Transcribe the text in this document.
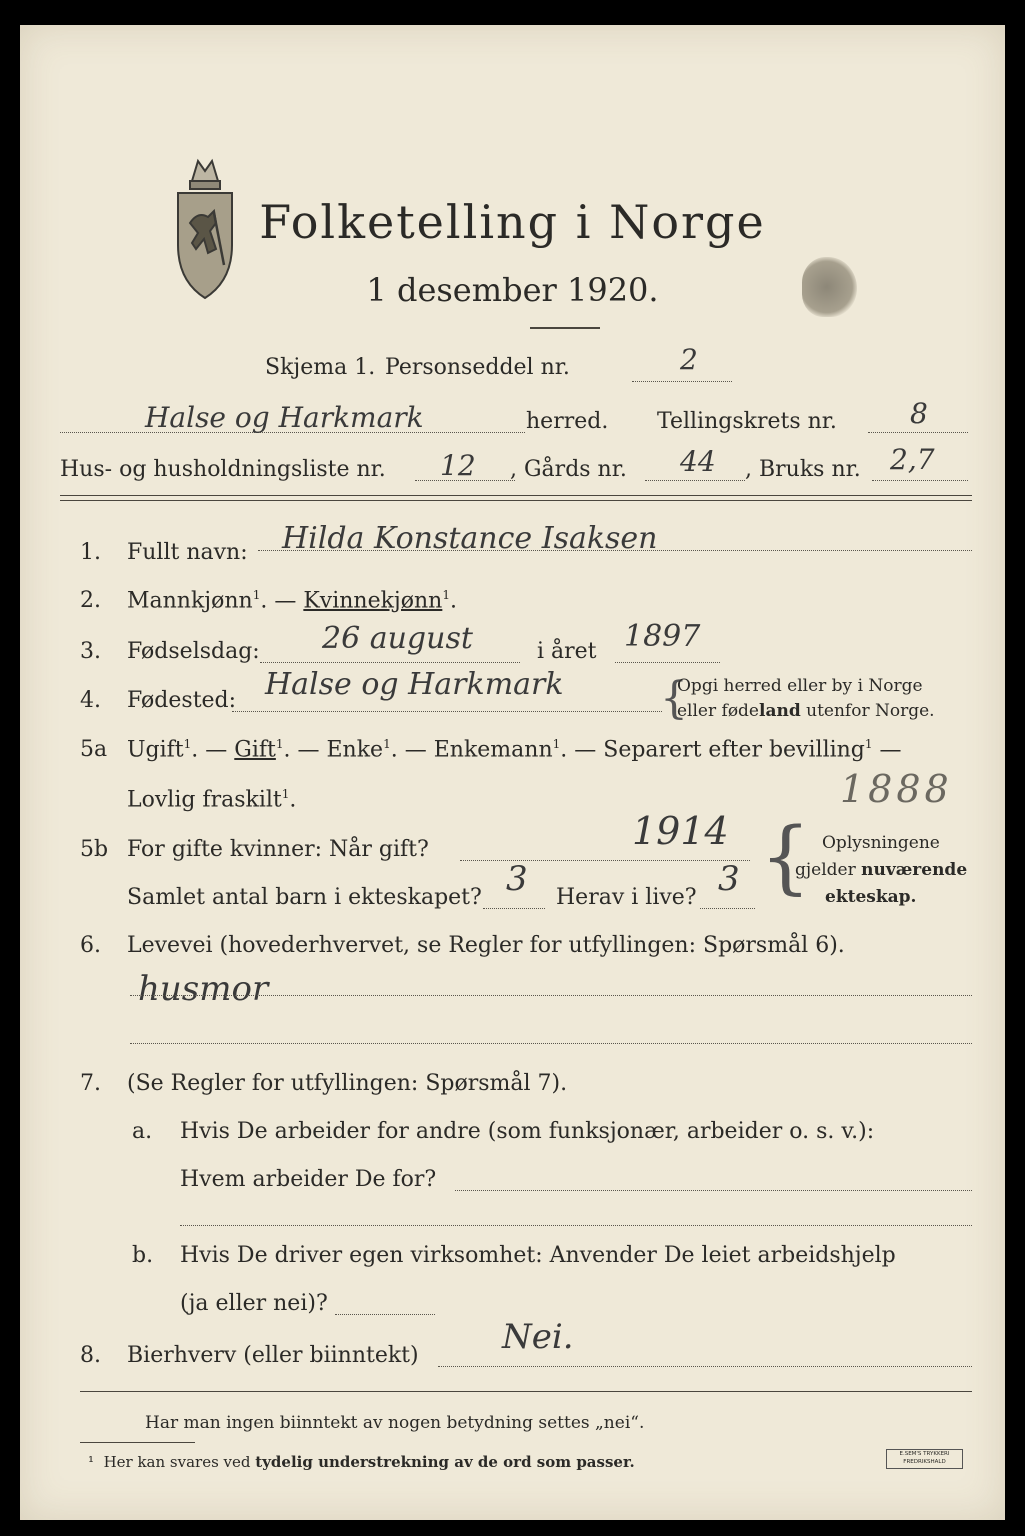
Folketelling i Norge
1 desember 1920.
Skjema 1. Personseddel nr.	2
Halse og Harkmark	herred. Tellingskrets nr.	8
Hus- og husholdningsliste nr. 12 , Gårds nr. 44 , Bruks nr. 2,7
1. Fullt navn: Hilda Konstance Isaksen
2. Mannkjønn$^1$. — Kvinnekjønn$^1$.
3. Fødselsdag: 26 august	i året 1897
4. Fødested: Halse og Harkmark {
Opgi herred eller by i Norge
eller fødeland utenfor Norge.
5a Ugift$^1$. — Gift$^1$. — Enke$^1$. — Enkemann$^1$. — Separert efter bevilling$^1$ —
Lovlig fraskilt$^1$.	1888
5b For gifte kvinner: Når gift?	1914
Samlet antal barn i ekteskapet? 3 Herav i live? 3 { Oplysningene
gjelder nuværende
ekteskap.
6. Levevei (hovederhvervet, se Regler for utfyllingen: Spørsmål 6).
husmor
7. (Se Regler for utfyllingen: Spørsmål 7).
a. Hvis De arbeider for andre (som funksjonær, arbeider o. s. v.):
Hvem arbeider De for?
b. Hvis De driver egen virksomhet: Anvender De leiet arbeidshjelp
(ja eller nei)?
8. Bierhverv (eller biinntekt) Nei.
Har man ingen biinntekt av nogen betydning settes „nei“.
¹ Her kan svares ved tydelig understrekning av de ord som passer.	E.SEM'S TRYKKERI
FREDRIKSHALD
